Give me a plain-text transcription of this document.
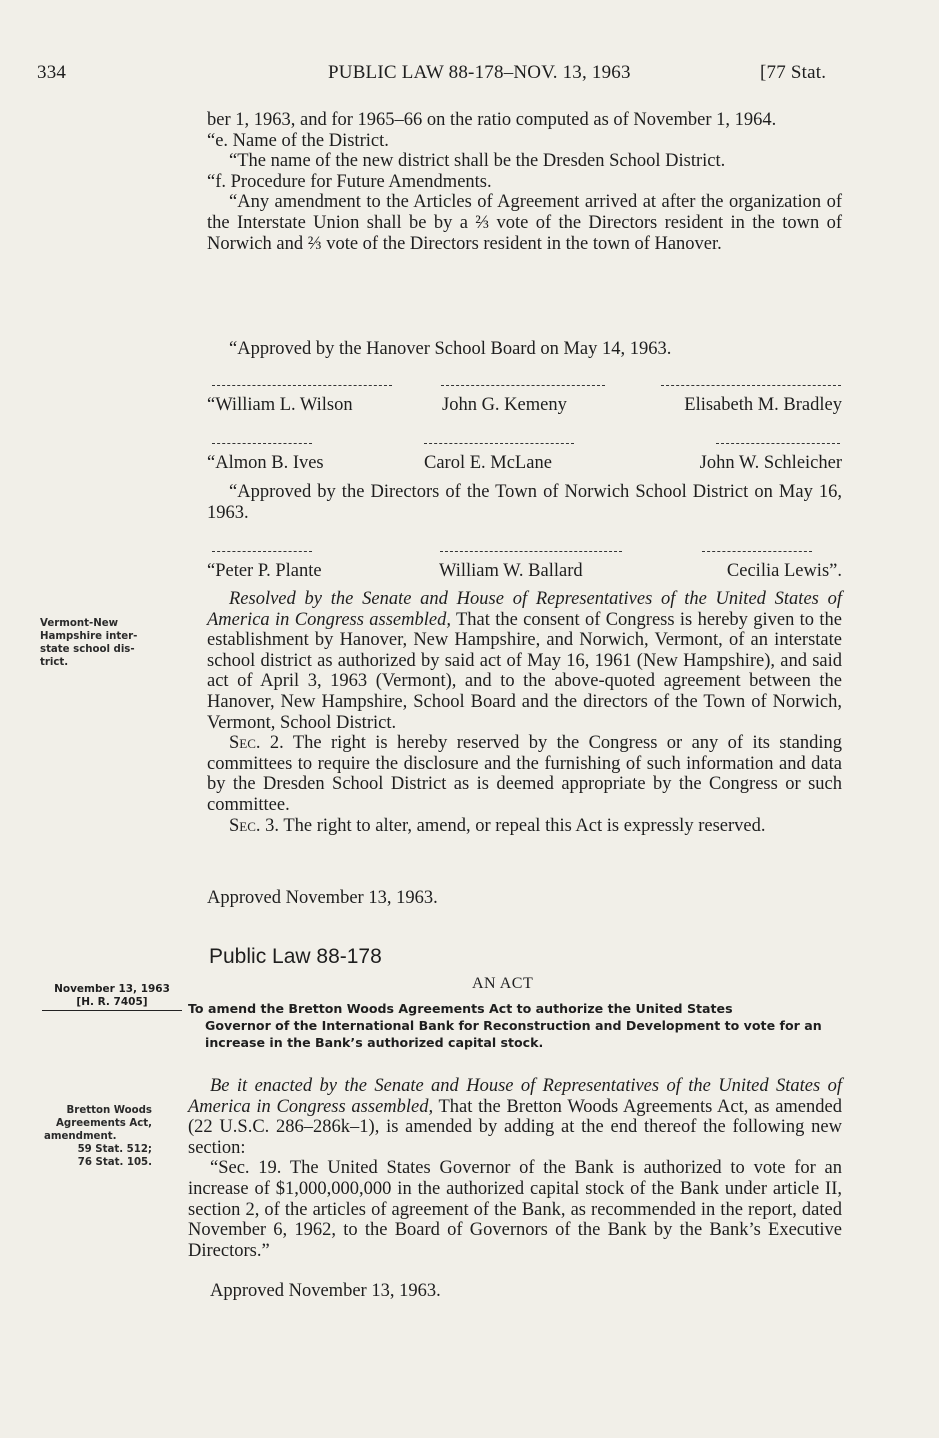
334	PUBLIC LAW 88-178–NOV. 13, 1963	[77 Stat.

ber 1, 1963, and for 1965–66 on the ratio computed as of November 1, 1964.

“e. Name of the District.

“The name of the new district shall be the Dresden School District.

“f. Procedure for Future Amendments.

“Any amendment to the Articles of Agreement arrived at after the organization of the Interstate Union shall be by a ⅔ vote of the Directors resident in the town of Norwich and ⅔ vote of the Directors resident in the town of Hanover.

“Approved by the Hanover School Board on May 14, 1963.

“William L. Wilson	John G. Kemeny	Elisabeth M. Bradley
“Almon B. Ives	Carol E. McLane	John W. Schleicher

“Approved by the Directors of the Town of Norwich School District on May 16, 1963.

“Peter P. Plante	William W. Ballard	Cecilia Lewis”.

Resolved by the Senate and House of Representatives of the United States of America in Congress assembled, That the consent of Congress is hereby given to the establishment by Hanover, New Hampshire, and Norwich, Vermont, of an interstate school district as authorized by said act of May 16, 1961 (New Hampshire), and said act of April 3, 1963 (Vermont), and to the above-quoted agreement between the Hanover, New Hampshire, School Board and the directors of the Town of Norwich, Vermont, School District.

Sec. 2. The right is hereby reserved by the Congress or any of its standing committees to require the disclosure and the furnishing of such information and data by the Dresden School District as is deemed appropriate by the Congress or such committee.

Sec. 3. The right to alter, amend, or repeal this Act is expressly reserved.

Approved November 13, 1963.

Vermont-New
Hampshire inter-
state school dis-
trict.
Public Law 88-178
AN ACT
November 13, 1963
[H. R. 7405]	To amend the Bretton Woods Agreements Act to authorize the United States
Governor of the International Bank for Reconstruction and Development to vote for an increase in the Bank’s authorized capital stock.

Be it enacted by the Senate and House of Representatives of the United States of America in Congress assembled, That the Bretton Woods Agreements Act, as amended (22 U.S.C. 286–286k–1), is amended by adding at the end thereof the following new section:

“Sec. 19. The United States Governor of the Bank is authorized to vote for an increase of $1,000,000,000 in the authorized capital stock of the Bank under article II, section 2, of the articles of agreement of the Bank, as recommended in the report, dated November 6, 1962, to the Board of Governors of the Bank by the Bank’s Executive Directors.”

Approved November 13, 1963.

Bretton Woods
Agreements Act,
amendment.
59 Stat. 512;
76 Stat. 105.
